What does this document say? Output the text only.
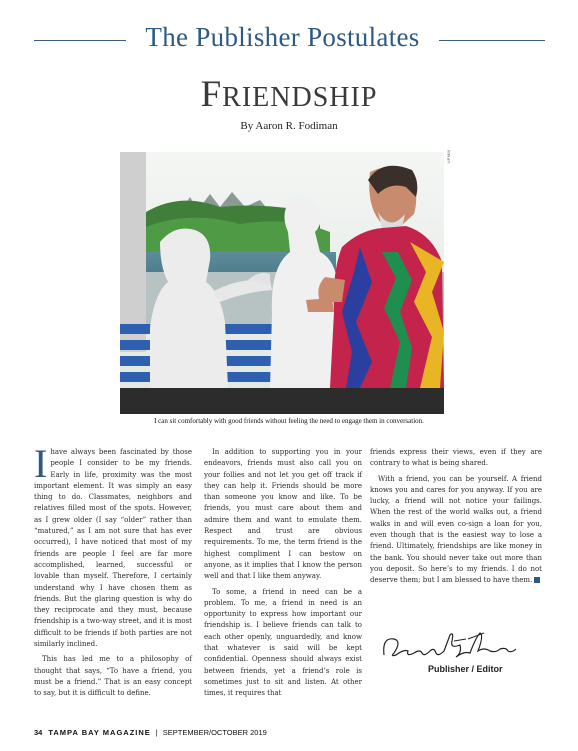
The Publisher Postulates
FRIENDSHIP
By Aaron R. Fodiman
UPMM
I can sit comfortably with good friends without feeling the need to engage them in conversation.

Ihave always been fascinated by those people I consider to be my friends. Early in life, proximity was the most important element. It was simply an easy thing to do. Classmates, neighbors and relatives filled most of the spots. However, as I grew older (I say “older” rather than “matured,” as I am not sure that has ever occurred), I have noticed that most of my friends are people I feel are far more accomplished, learned, successful or lovable than myself. Therefore, I certainly understand why I have chosen them as friends. But the glaring question is why do they reciprocate and they must, because friendship is a two-way street, and it is most difficult to be friends if both parties are not similarly inclined.

This has led me to a philosophy of thought that says, “To have a friend, you must be a friend.” That is an easy concept to say, but it is difficult to define.

In addition to supporting you in your endeavors, friends must also call you on your follies and not let you get off track if they can help it. Friends should be more than someone you know and like. To be friends, you must care about them and admire them and want to emulate them. Respect and trust are obvious requirements. To me, the term friend is the highest compliment I can bestow on anyone, as it implies that I know the person well and that I like them anyway.

To some, a friend in need can be a problem. To me, a friend in need is an opportunity to express how important our friendship is. I believe friends can talk to each other openly, unguardedly, and know that whatever is said will be kept confidential. Openness should always exist between friends, yet a friend’s role is sometimes just to sit and listen. At other times, it requires that

friends express their views, even if they are contrary to what is being shared.

With a friend, you can be yourself. A friend knows you and cares for you anyway. If you are lucky, a friend will not notice your failings. When the rest of the world walks out, a friend walks in and will even co-sign a loan for you, even though that is the easiest way to lose a friend. Ultimately, friendships are like money in the bank. You should never take out more than you deposit. So here’s to my friends. I do not deserve them; but I am blessed to have them.

Publisher / Editor
34 TAMPA BAY MAGAZINE | SEPTEMBER/OCTOBER 2019
